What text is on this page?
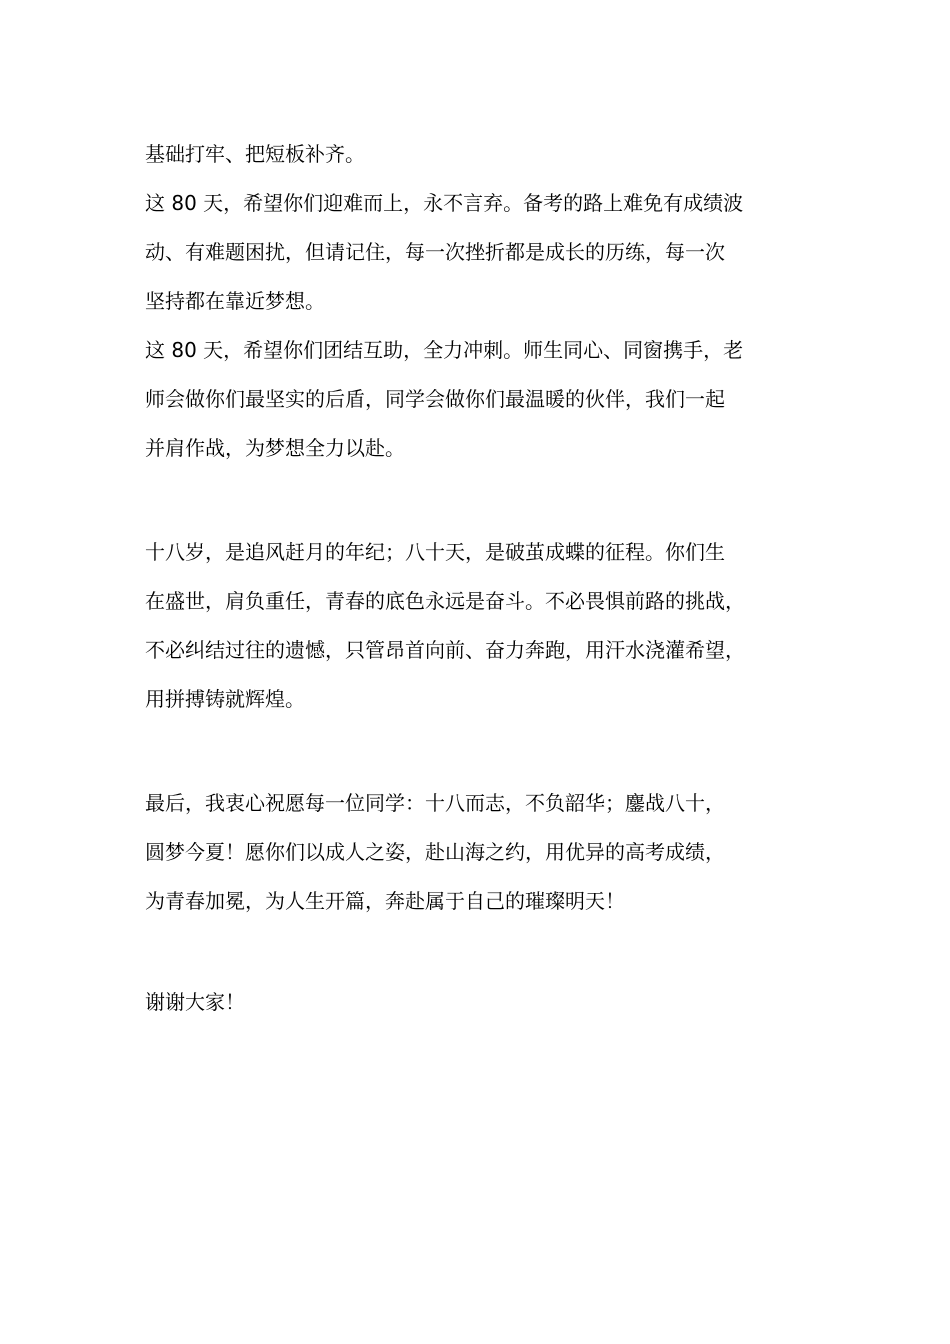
基础打牢、把短板补齐。
这 80 天，希望你们迎难而上，永不言弃。备考的路上难免有成绩波
动、有难题困扰，但请记住，每一次挫折都是成长的历练，每一次
坚持都在靠近梦想。
这 80 天，希望你们团结互助，全力冲刺。师生同心、同窗携手，老
师会做你们最坚实的后盾，同学会做你们最温暖的伙伴，我们一起
并肩作战，为梦想全力以赴。
十八岁，是追风赶月的年纪；八十天，是破茧成蝶的征程。你们生
在盛世，肩负重任，青春的底色永远是奋斗。不必畏惧前路的挑战，
不必纠结过往的遗憾，只管昂首向前、奋力奔跑，用汗水浇灌希望，
用拼搏铸就辉煌。
最后，我衷心祝愿每一位同学：十八而志，不负韶华；鏖战八十，
圆梦今夏！愿你们以成人之姿，赴山海之约，用优异的高考成绩，
为青春加冕，为人生开篇，奔赴属于自己的璀璨明天！
谢谢大家！
